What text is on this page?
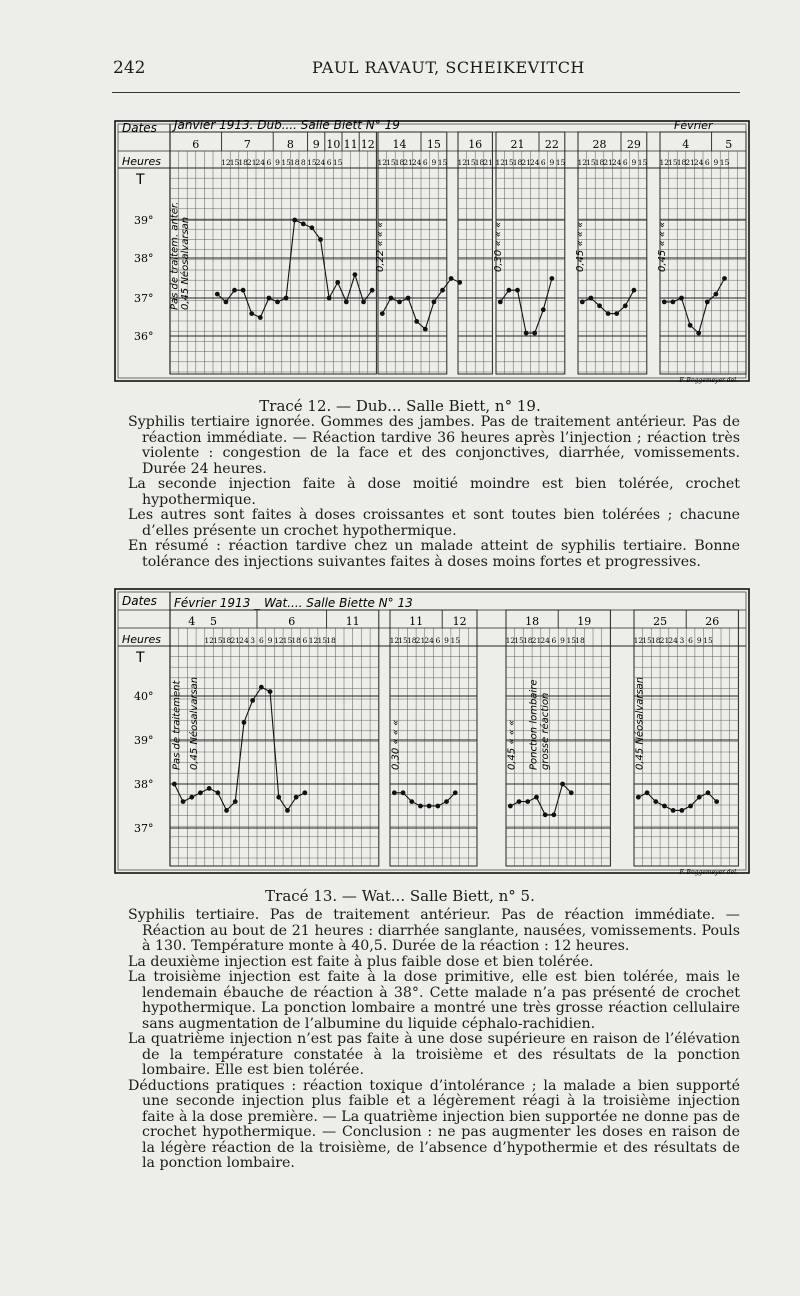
242	PAUL RAVAUT, SCHEIKEVITCH
Dates
Heures
T
Janvier 1913. Dub.... Salle Biett N° 19	Février
39°
38°
37°
36°
6	7	8 9 10 11 12
12 15 18 21 24 6 9 15 18 8 15 24 6 15
Pas de traitem. antér. 0,45 Néosalvarsan
14 15
12 15 18 21 24 6 9 15
0,22 « « «
16
12 15 18 21
21 22
12 15 18 21 24 6 9 15
0,30 « « «
28 29
12 15 18 21 24 6 9 15
0,45 « « «
4	5
12 15 18 21 24 6 9 15
0,45 « « «
F. Boggemeyer del.
Tracé 12. — Dub... Salle Biett, n° 19.

Syphilis tertiaire ignorée. Gommes des jambes. Pas de traitement antérieur. Pas de réaction immédiate. — Réaction tardive 36 heures après l’injection ; réaction très violente : congestion de la face et des conjonctives, diarrhée, vomissements. Durée 24 heures.

La seconde injection faite à dose moitié moindre est bien tolérée, crochet hypothermique.

Les autres sont faites à doses croissantes et sont toutes bien tolérées ; chacune d’elles présente un crochet hypothermique.

En résumé : réaction tardive chez un malade atteint de syphilis tertiaire. Bonne tolérance des injections suivantes faites à doses moins fortes et progressives.

Dates
Heures
T
Février 1913 _ Wat.... Salle Biette N° 13
40°
39°
38°
37°
5	6	11
12 15 18 21 24 3 6 9 12 15 18 6 12 15 18
Pas de traitement 0,45 Néosalvarsan
11	12
12 15 18 21 24 6 9 15
0,30 « « «
18	19
12 15 18 21 24 6 9 15 18
0,45 « « « Ponction lombaire grosse réaction
25	26
12 15 18 21 24 3 6 9 15
0,45 Néosalvarsan
F. Boggemeyer del.
4
Tracé 13. — Wat... Salle Biett, n° 5.

Syphilis tertiaire. Pas de traitement antérieur. Pas de réaction immédiate. — Réaction au bout de 21 heures : diarrhée sanglante, nausées, vomissements. Pouls à 130. Température monte à 40,5. Durée de la réaction : 12 heures.

La deuxième injection est faite à plus faible dose et bien tolérée.

La troisième injection est faite à la dose primitive, elle est bien tolérée, mais le lendemain ébauche de réaction à 38°. Cette malade n’a pas présenté de crochet hypothermique. La ponction lombaire a montré une très grosse réaction cellulaire sans augmentation de l’albumine du liquide céphalo-rachidien.

La quatrième injection n’est pas faite à une dose supérieure en raison de l’élévation de la température constatée à la troisième et des résultats de la ponction lombaire. Elle est bien tolérée.

Déductions pratiques : réaction toxique d’intolérance ; la malade a bien supporté une seconde injection plus faible et a légèrement réagi à la troisième injection faite à la dose première. — La quatrième injection bien supportée ne donne pas de crochet hypothermique. — Conclusion : ne pas augmenter les doses en raison de la légère réaction de la troisième, de l’absence d’hypothermie et des résultats de la ponction lombaire.
